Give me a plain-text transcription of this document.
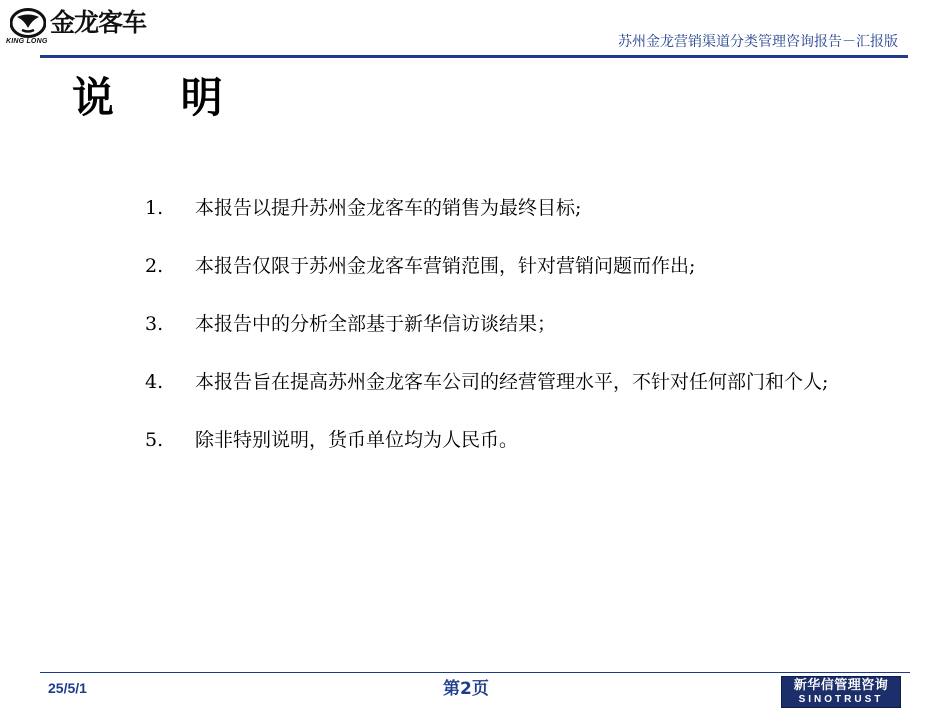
金龙客车
KING LONG	苏州金龙营销渠道分类管理咨询报告－汇报版
说 明
1.	本报告以提升苏州金龙客车的销售为最终目标;
2.	本报告仅限于苏州金龙客车营销范围，针对营销问题而作出;
3.	本报告中的分析全部基于新华信访谈结果；
4.	本报告旨在提高苏州金龙客车公司的经营管理水平，不针对任何部门和个人;
5.	除非特别说明，货币单位均为人民币。
25/5/1	第2页	新华信管理咨询
SINOTRUST
